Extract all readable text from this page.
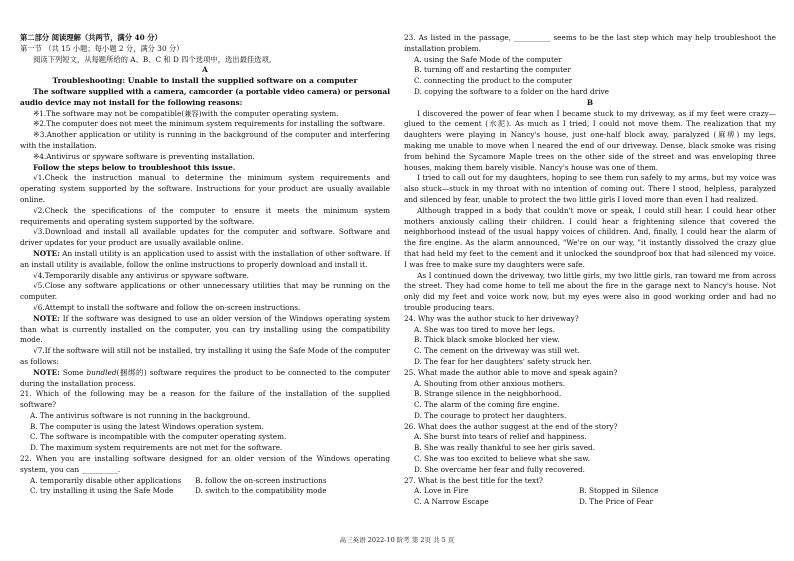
第二部分 阅读理解（共两节，满分 40 分）

第一节 （共 15 小题；每小题 2 分，满分 30 分）

阅读下列短文，从每题所给的 A、B、C 和 D 四个选项中，选出最佳选项。

A

Troubleshooting: Unable to install the supplied software on a computer

The software supplied with a camera, camcorder (a portable video camera) or personal audio device may not install for the following reasons:

※1.The software may not be compatible(兼容)with the computer operating system.

※2.The computer does not meet the minimum system requirements for installing the software.

※3.Another application or utility is running in the background of the computer and interfering with the installation.

※4.Antivirus or spyware software is preventing installation.

Follow the steps below to troubleshoot this issue.

√1.Check the instruction manual to determine the minimum system requirements and operating system supported by the software. Instructions for your product are usually available online.

√2.Check the specifications of the computer to ensure it meets the minimum system requirements and operating system supported by the software.

√3.Download and install all available updates for the computer and software. Software and driver updates for your product are usually available online.

NOTE: An install utility is an application used to assist with the installation of other software. If an install utility is available, follow the online instructions to properly download and install it.

√4.Temporarily disable any antivirus or spyware software.

√5.Close any software applications or other unnecessary utilities that may be running on the computer.

√6.Attempt to install the software and follow the on-screen instructions.

NOTE: If the software was designed to use an older version of the Windows operating system than what is currently installed on the computer, you can try installing using the compatibility mode.

√7.If the software will still not be installed, try installing it using the Safe Mode of the computer as follows:

NOTE: Some bundled(捆绑的) software requires the product to be connected to the computer during the installation process.

21. Which of the following may be a reason for the failure of the installation of the supplied software?

A. The antivirus software is not running in the background.

B. The computer is using the latest Windows operation system.

C. The software is incompatible with the computer operating system.

D. The maximum system requirements are not met for the software.

22. When you are installing software designed for an older version of the Windows operating system, you can __________.

A. temporarily disable other applications	B. follow the on-screen instructions
C. try installing it using the Safe Mode	D. switch to the compatibility mode

23. As listed in the passage, __________ seems to be the last step which may help troubleshoot the installation problem.

A. using the Safe Mode of the computer

B. turning off and restarting the computer

C. connecting the product to the computer

D. copying the software to a folder on the hard drive

B

I discovered the power of fear when I became stuck to my driveway, as if my feet were crazy—glued to the cement (水泥). As much as I tried, I could not move them. The realization that my daughters were playing in Nancy's house, just one-half block away, paralyzed (麻痹) my legs, making me unable to move when I neared the end of our driveway. Dense, black smoke was rising from behind the Sycamore Maple trees on the other side of the street and was enveloping three houses, making them barely visible. Nancy's house was one of them.

I tried to call out for my daughters, hoping to see them run safely to my arms, but my voice was also stuck—stuck in my throat with no intention of coming out. There I stood, helpless, paralyzed and silenced by fear, unable to protect the two little girls I loved more than even I had realized.

Although trapped in a body that couldn't move or speak, I could still hear. I could hear other mothers anxiously calling their children. I could hear a frightening silence that covered the neighborhood instead of the usual happy voices of children. And, finally, I could hear the alarm of the fire engine. As the alarm announced, "We're on our way, "it instantly dissolved the crazy glue that had held my feet to the cement and it unlocked the soundproof box that had silenced my voice. I was free to make sure my daughters were safe.

As I continued down the driveway, two little girls, my two little girls, ran toward me from across the street. They had come home to tell me about the fire in the garage next to Nancy's house. Not only did my feet and voice work now, but my eyes were also in good working order and had no trouble producing tears.

24. Why was the author stuck to her driveway?

A. She was too tired to move her legs.

B. Thick black smoke blocked her view.

C. The cement on the driveway was still wet.

D. The fear for her daughters' safety struck her.

25. What made the author able to move and speak again?

A. Shouting from other anxious mothers.

B. Strange silence in the neighborhood.

C. The alarm of the coming fire engine.

D. The courage to protect her daughters.

26. What does the author suggest at the end of the story?

A. She burst into tears of relief and happiness.

B. She was really thankful to see her girls saved.

C. She was too excited to believe what she saw.

D. She overcame her fear and fully recovered.

27. What is the best title for the text?

A. Love in Fire	B. Stopped in Silence
C. A Narrow Escape	D. The Price of Fear
高三英语 2022-10 阶考 第 2页 共 5 页
